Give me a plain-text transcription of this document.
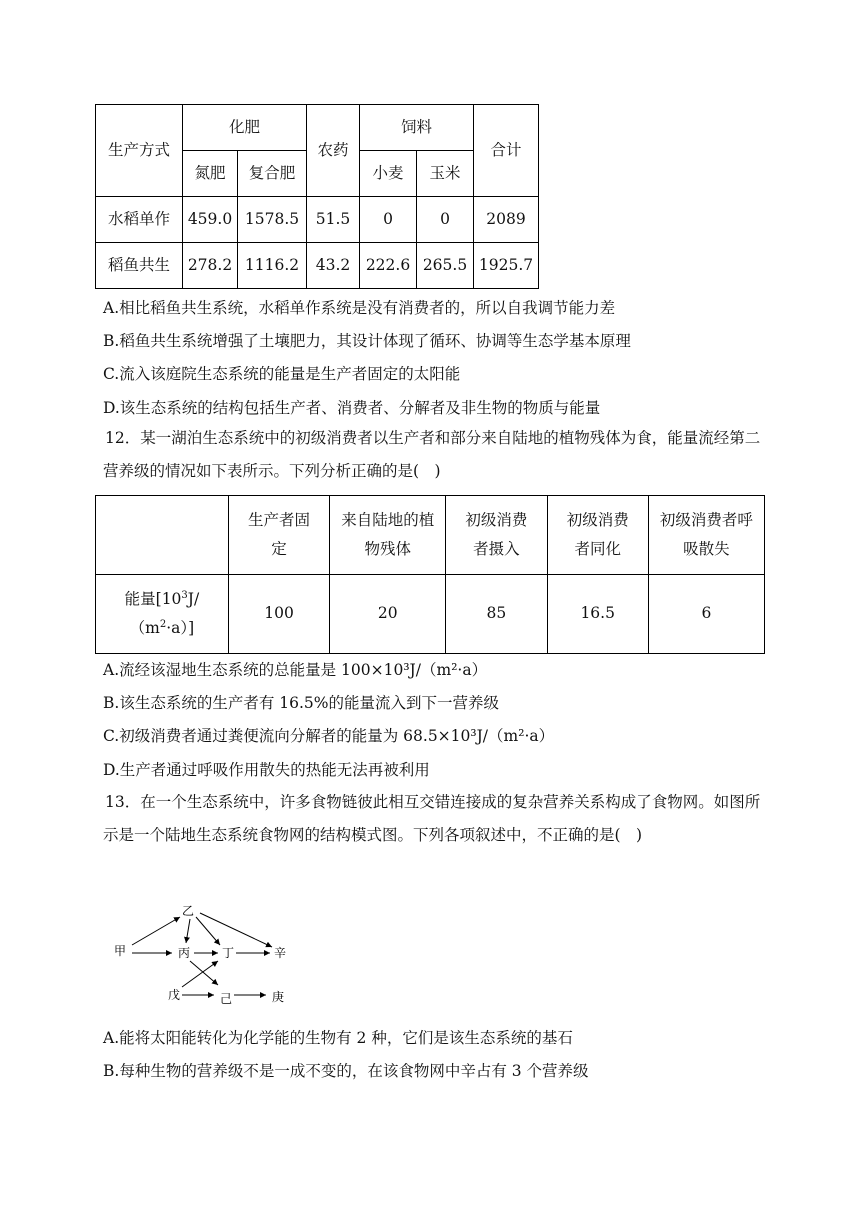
生产方式	化肥		农药	饲料		合计
	氮肥	复合肥		小麦	玉米	
水稻单作	459.0	1578.5	51.5	0	0	2089
稻鱼共生	278.2	1116.2	43.2	222.6	265.5	1925.7
A.相比稻鱼共生系统，水稻单作系统是没有消费者的，所以自我调节能力差
B.稻鱼共生系统增强了土壤肥力，其设计体现了循环、协调等生态学基本原理
C.流入该庭院生态系统的能量是生产者固定的太阳能
D.该生态系统的结构包括生产者、消费者、分解者及非生物的物质与能量
12．某一湖泊生态系统中的初级消费者以生产者和部分来自陆地的植物残体为食，能量流经第二营养级的情况如下表所示。下列分析正确的是(　)
	生产者固定	来自陆地的植物残体	初级消费者摄入	初级消费者同化	初级消费者呼吸散失
能量$[10^3J/(m^2\cdot a)]$	100	20	85	16.5	6
A.流经该湿地生态系统的总能量是 100×10³J/（m²·a）
B.该生态系统的生产者有 16.5%的能量流入到下一营养级
C.初级消费者通过粪便流向分解者的能量为 68.5×10³J/（m²·a）
D.生产者通过呼吸作用散失的热能无法再被利用
13．在一个生态系统中，许多食物链彼此相互交错连接成的复杂营养关系构成了食物网。如图所示是一个陆地生态系统食物网的结构模式图。下列各项叙述中，不正确的是(　)
乙
甲	丙	丁	辛
戊	己	庚
A.能将太阳能转化为化学能的生物有 2 种，它们是该生态系统的基石
B.每种生物的营养级不是一成不变的，在该食物网中辛占有 3 个营养级
